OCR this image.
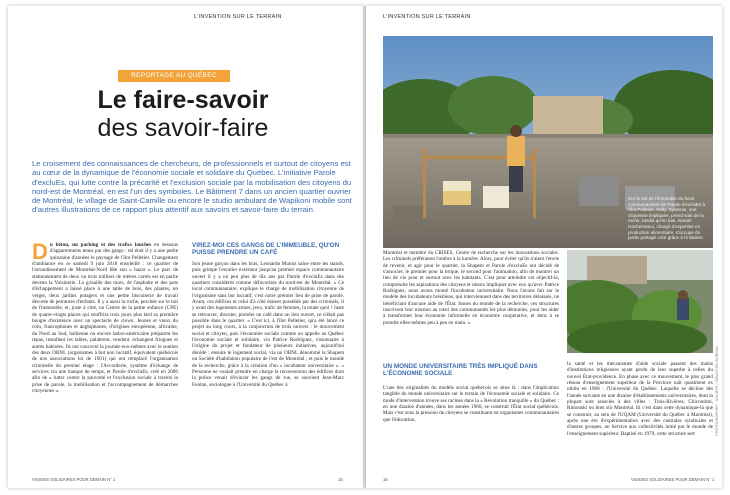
L'INVENTION SUR LE TERRAIN
REPORTAGE AU QUÉBEC
Le faire-savoir
des savoir-faire

Le croisement des connaissances de chercheurs, de professionnels et surtout de citoyens est au cœur de la dynamique de l'économie sociale et solidaire du Québec. L'initiative Parole d'excluEs, qui lutte contre la précarité et l'exclusion sociale par la mobilisation des citoyens du nord-est de Montréal, en est l'un des symboles. Le Bâtiment 7 dans un ancien quartier ouvrier de Montréal, le village de Saint-Camille ou encore le studio ambulant de Wapikoni mobile sont d'autres illustrations de ce rapport plus attentif aux savoirs et savoir-faire du terrain.

Du béton, un parking et des trafics louches en dessous d'appartements tenus par des gangs : tel était il y a une petite quinzaine d'années le paysage de l'îlot Pelletier. Changement d'ambiance en ce samedi 9 juin 2018 ensoleillé : ce quartier de l'arrondissement de Montréal-Nord fête son « bazar ». Le parc de stationnement de deux ou trois milliers de mètres carrés est en partie devenu la Voisinerie. La grisaille des murs, de l'asphalte et des pots d'échappement a laissé place à une table de bois, des plantes, un verger, deux jardins potagers et une petite biscuiterie de travail décorée de peintures d'enfants. Il y a aussi la ruche, perchée sur le toit de l'immeuble, et, juste à côté, un Centre de la petite enfance (CPE) de quatre-vingts places qui souffrira trois jours plus tard sa première bougie d'existence avec un spectacle de clown. Jeunes et vieux du coin, francophones et anglophones, d'origines européenne, africaine, du Nord au Sud, haïtienne ou encore latino-américaine préparent les repas, installent les tables, palabrent, vendent, échangent fringues et autres babioles. Ils ont concocté la journée eux-mêmes avec le soutien des deux OBNL (organismes à but non lucratif, équivalent québécois de nos associations loi de 1901) qui ont remplacé l'organisation criminelle du premier étage : l'Accorderie, système d'échange de services via une banque de temps, et Parole d'excluEs, créé en 2006 afin de « lutter contre la pauvreté et l'exclusion sociale à travers la prise de parole, la mobilisation et l'accompagnement de démarches citoyennes ».

VIREZ-MOI CES GANGS DE L'IMMEUBLE, QU'ON PUISSE PRENDRE UN CAFÉ

Son jeune garçon dans les bras, Leonardo Munoz salue entre les stands, puis grimpe l'escalier extérieur jusqu'au premier espace communautaire ouvert il y a un peu plus de dix ans par Parole d'excluEs dans des quartiers considérés comme défavorisés du nord-est de Montréal. « Ce local communautaire, explique le chargé de mobilisation citoyenne de l'organisme sans but lucratif, c'est notre premier lieu de prise de parole. Avant, ces édifices et celui d'à côté étaient possédés par des criminels, il y avait des logements armes, jeux, trafic de femmes, la totale quoi ! Juste se retrouver, discuter, prendre un café dans un lieu ouvert, ce n'était pas possible dans le quartier. » C'est ici, à l'îlot Pelletier, qu'a été lancé ce projet au long cours, à la conjonction de trois univers : le mouvement social et citoyen, puis l'économie sociale comme on appelle au Québec l'économie sociale et solidaire, via Patrice Rodriguez, visionnaire à l'origine du projet et fondateur de plusieurs initiatives, aujourd'hui décédé ; ensuite le logement social, via un OBNL dénommé la Shapem ou Société d'habitation populaire de l'est de Montréal ; et puis le monde de la recherche, grâce à la création d'un « incubateur universitaire ». « Personne ne voulait prendre en charge la reconversion des édifices dont la police venait d'évincer les gangs de rue, se souvient Jean-Marc Fontan, sociologue à l'Université du Québec à

VISIONS SOLIDAIRES POUR DEMAIN N° 1	15
L'INVENTION SUR LE TERRAIN

Sur le toit de l'immeuble du local communautaire de Parole d'excluEs à l'îlot Pelletier, Nelly, Syldenie, une citoyenne impliquée, prend soin de la ruche, tandis qu'en bas, Ismael Hachemaoui, chargé d'expertise en production alimentaire, s'occupe du jardin partagé créé grâce à l'initiative.

Montréal et membre du CRISES, Centre de recherche sur les innovations sociales. Les criminels préféraient l'ombre à la lumière. Alors, pour éviter qu'ils n'aient l'envie de revenir, et agir pour le quartier, la Shapem et Parole d'excluEs ont décidé de s'associer, le premier pour la brique, le second pour l'animation, afin de montrer un lieu de vie pour et surtout avec les habitants. C'est pour atteindre cet objectif-là, comprendre les aspirations des citoyens et mieux impliquer avec eux qu'avec Patrice Rodriguez, nous avons monté l'incubateur universitaire. Nous l'avons fait sur le modèle des incubateurs brésiliens, qui interviennent dans des territoires délaissés, ne bénéficiant d'aucune aide de l'État. Issues du monde de la recherche, ces structures inscrivent leur mission au cœur des communautés les plus démunies, pour les aider à transformer leur économie informelle en économie coopérative, et donc à se prendre elles-mêmes peu à peu en main. »

UN MONDE UNIVERSITAIRE TRÈS IMPLIQUÉ DANS L'ÉCONOMIE SOCIALE

L'une des originalités du modèle social québécois se situe là : dans l'implication tangible du monde universitaire sur le terrain de l'économie sociale et solidaire. Ce mode d'intervention trouve ses racines dans la « Révolution tranquille » du Québec : en une dizaine d'années, dans les années 1960, se construit l'État social québécois. Mais c'est sous la pression de citoyens se constituant en organismes communautaires que l'éducation,

la santé et les mécanismes d'aide sociale passent des mains d'institutions religieuses ayant perdu de leur superbe à celles du nouvel État-providence. En phase avec ce mouvement, le plus grand réseau d'enseignement supérieur de la Province naît quasiment ex nihilo en 1968 : l'Université du Québec. Laquelle se décline dès l'année suivante en une dizaine d'établissements universitaires, dont la plupart sont associés à des villes : Trois-Rivières, Chicoutimi, Rimouski ou bien sûr Montréal. Et c'est dans cette dynamique-là que se construit, au sein de l'UQAM (Université du Québec à Montréal), après une ère d'expérimentation avec des centrales syndicales et d'autres groupes, un Service aux collectivités initié par le monde de l'enseignement supérieur. Baptisé en 1979, cette structure sert	PHOTOGRAPHIES : SOCIÉTÉ / SÉBASTIEN BORDAN
16	VISIONS SOLIDAIRES POUR DEMAIN N° 1
